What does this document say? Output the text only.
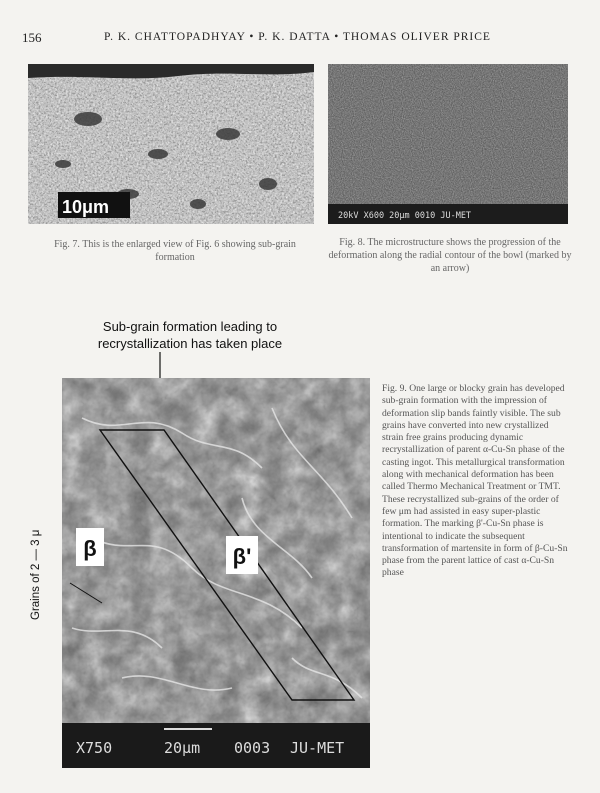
156	P. K. CHATTOPADHYAY • P. K. DATTA • THOMAS OLIVER PRICE
10μm
Fig. 7. This is the enlarged view of Fig. 6 showing sub-grain formation
20kV X600 20μm 0010 JU-MET
Fig. 8. The microstructure shows the progression of the deformation along the radial contour of the bowl (marked by an arrow)
Sub-grain formation leading to recrystallization has taken place
β	β'
X750	20μm 0003 JU-MET
Grains of 2 — 3 μ
Fig. 9. One large or blocky grain has developed sub-grain formation with the impression of deformation slip bands faintly visible. The sub grains have converted into new crystallized strain free grains producing dynamic recrystallization of parent α-Cu-Sn phase of the casting ingot. This metallurgical transformation along with mechanical deformation has been called Thermo Mechanical Treatment or TMT. These recrystallized sub-grains of the order of few μm had assisted in easy super-plastic formation. The marking β'-Cu-Sn phase is intentional to indicate the subsequent transformation of martensite in form of β-Cu-Sn phase from the parent lattice of cast α-Cu-Sn phase
